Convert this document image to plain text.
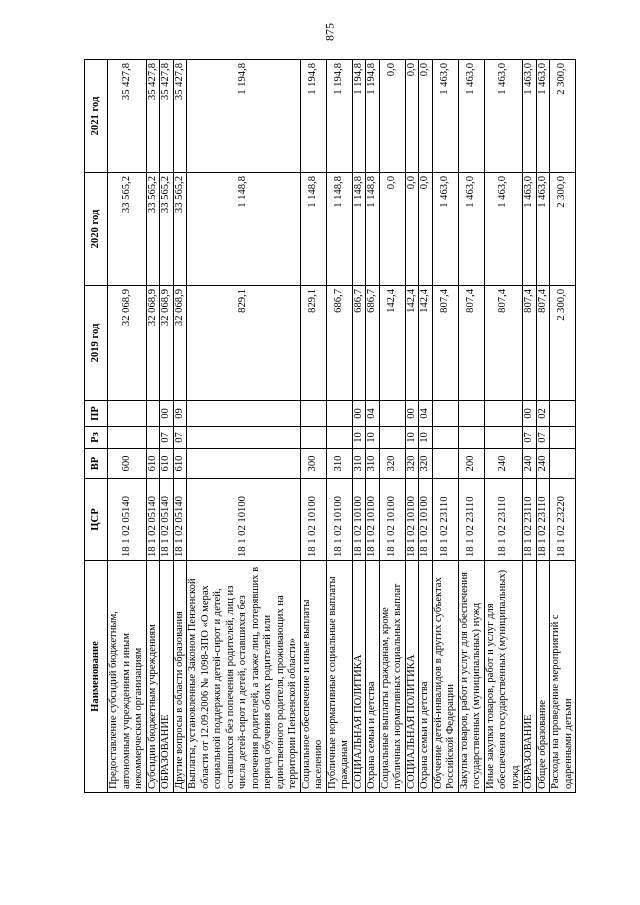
875
Наименование	ЦСР	ВР	Рз	ПР	2019 год	2020 год	2021 год
Предоставление субсидий бюджетным, автономным учреждениям и иным некоммерческим организациям	18 1 02 05140	600			32 068,9	33 565,2	35 427,8
Субсидии бюджетным учреждениям	18 1 02 05140	610			32 068,9	33 565,2	35 427,8
ОБРАЗОВАНИЕ	18 1 02 05140	610	07	00	32 068,9	33 565,2	35 427,8
Другие вопросы в области образования	18 1 02 05140	610	07	09	32 068,9	33 565,2	35 427,8
Выплаты, установленные Законом Пензенской области от 12.09.2006 № 1098-ЗПО «О мерах социальной поддержки детей-сирот и детей, оставшихся без попечения родителей, лиц из числа детей-сирот и детей, оставшихся без попечения родителей, а также лиц, потерявших в период обучения обоих родителей или единственного родителя, проживающих на территории Пензенской области»	18 1 02 10100				829,1	1 148,8	1 194,8
Социальное обеспечение и иные выплаты населению	18 1 02 10100	300			829,1	1 148,8	1 194,8
Публичные нормативные социальные выплаты гражданам	18 1 02 10100	310			686,7	1 148,8	1 194,8
СОЦИАЛЬНАЯ ПОЛИТИКА	18 1 02 10100	310	10	00	686,7	1 148,8	1 194,8
Охрана семьи и детства	18 1 02 10100	310	10	04	686,7	1 148,8	1 194,8
Социальные выплаты гражданам, кроме публичных нормативных социальных выплат	18 1 02 10100	320			142,4	0,0	0,0
СОЦИАЛЬНАЯ ПОЛИТИКА	18 1 02 10100	320	10	00	142,4	0,0	0,0
Охрана семьи и детства	18 1 02 10100	320	10	04	142,4	0,0	0,0
Обучение детей-инвалидов в других субъектах Российской Федерации	18 1 02 23110				807,4	1 463,0	1 463,0
Закупка товаров, работ и услуг для обеспечения государственных (муниципальных) нужд	18 1 02 23110	200			807,4	1 463,0	1 463,0
Иные закупки товаров, работ и услуг для обеспечения государственных (муниципальных) нужд	18 1 02 23110	240			807,4	1 463,0	1 463,0
ОБРАЗОВАНИЕ	18 1 02 23110	240	07	00	807,4	1 463,0	1 463,0
Общее образование	18 1 02 23110	240	07	02	807,4	1 463,0	1 463,0
Расходы на проведение мероприятий с одаренными детьми	18 1 02 23220				2 300,0	2 300,0	2 300,0
